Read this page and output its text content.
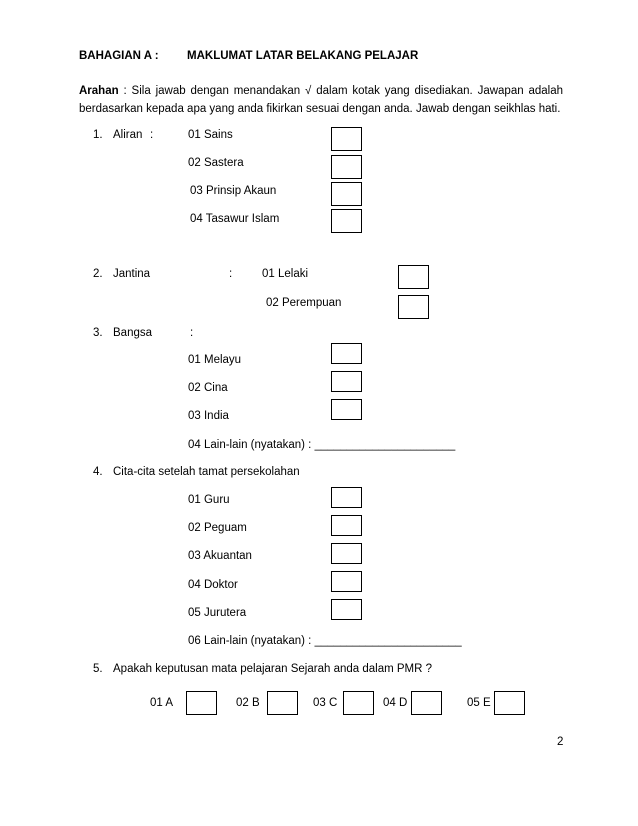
BAHAGIAN A : MAKLUMAT LATAR BELAKANG PELAJAR
Arahan : Sila jawab dengan menandakan √ dalam kotak yang disediakan. Jawapan adalah berdasarkan kepada apa yang anda fikirkan sesuai dengan anda. Jawab dengan seikhlas hati.
1. Aliran :	01 Sains
02 Sastera
03 Prinsip Akaun
04 Tasawur Islam
2. Jantina	:	01 Lelaki
02 Perempuan
3. Bangsa	:
01 Melayu
02 Cina
03 India
04 Lain-lain (nyatakan) : ______________________
4. Cita-cita setelah tamat persekolahan
01 Guru
02 Peguam
03 Akuantan
04 Doktor
05 Jurutera
06 Lain-lain (nyatakan) : _______________________
5. Apakah keputusan mata pelajaran Sejarah anda dalam PMR ?
01 A	02 B	03 C	04 D	05 E
2
